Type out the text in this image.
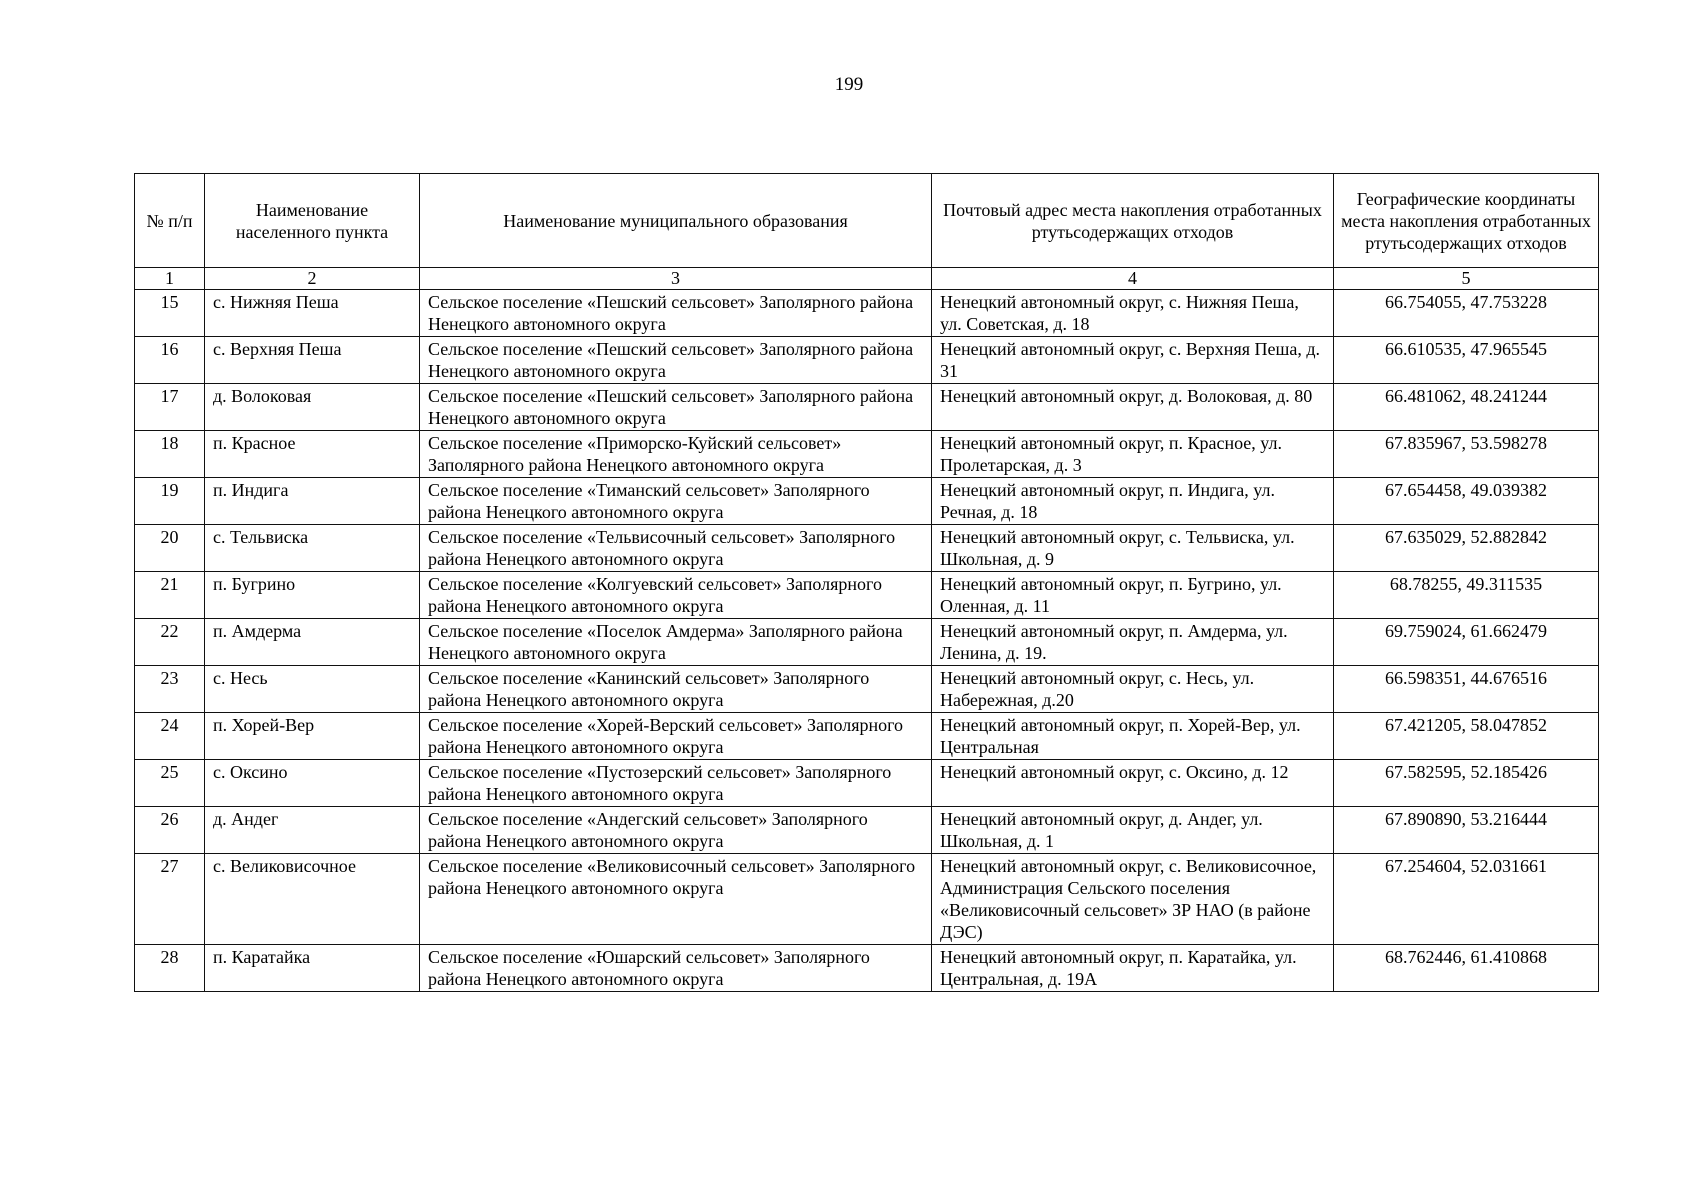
199
№ п/п	Наименование населенного пункта	Наименование муниципального образования	Почтовый адрес места накопления отработанных ртутьсодержащих отходов	Географические координаты места накопления отработанных ртутьсодержащих отходов
1	2	3	4	5
15	с. Нижняя Пеша	Сельское поселение «Пешский сельсовет» Заполярного района Ненецкого автономного округа	Ненецкий автономный округ, с. Нижняя Пеша, ул. Советская, д. 18	66.754055, 47.753228
16	с. Верхняя Пеша	Сельское поселение «Пешский сельсовет» Заполярного района Ненецкого автономного округа	Ненецкий автономный округ, с. Верхняя Пеша, д. 31	66.610535, 47.965545
17	д. Волоковая	Сельское поселение «Пешский сельсовет» Заполярного района Ненецкого автономного округа	Ненецкий автономный округ, д. Волоковая, д. 80	66.481062, 48.241244
18	п. Красное	Сельское поселение «Приморско-Куйский сельсовет» Заполярного района Ненецкого автономного округа	Ненецкий автономный округ, п. Красное, ул. Пролетарская, д. 3	67.835967, 53.598278
19	п. Индига	Сельское поселение «Тиманский сельсовет» Заполярного района Ненецкого автономного округа	Ненецкий автономный округ, п. Индига, ул. Речная, д. 18	67.654458, 49.039382
20	с. Тельвиска	Сельское поселение «Тельвисочный сельсовет» Заполярного района Ненецкого автономного округа	Ненецкий автономный округ, с. Тельвиска, ул. Школьная, д. 9	67.635029, 52.882842
21	п. Бугрино	Сельское поселение «Колгуевский сельсовет» Заполярного района Ненецкого автономного округа	Ненецкий автономный округ, п. Бугрино, ул. Оленная, д. 11	68.78255, 49.311535
22	п. Амдерма	Сельское поселение «Поселок Амдерма» Заполярного района Ненецкого автономного округа	Ненецкий автономный округ, п. Амдерма, ул. Ленина, д. 19.	69.759024, 61.662479
23	с. Несь	Сельское поселение «Канинский сельсовет» Заполярного района Ненецкого автономного округа	Ненецкий автономный округ, с. Несь, ул. Набережная, д.20	66.598351, 44.676516
24	п. Хорей-Вер	Сельское поселение «Хорей-Верский сельсовет» Заполярного района Ненецкого автономного округа	Ненецкий автономный округ, п. Хорей-Вер, ул. Центральная	67.421205, 58.047852
25	с. Оксино	Сельское поселение «Пустозерский сельсовет» Заполярного района Ненецкого автономного округа	Ненецкий автономный округ, с. Оксино, д. 12	67.582595, 52.185426
26	д. Андег	Сельское поселение «Андегский сельсовет» Заполярного района Ненецкого автономного округа	Ненецкий автономный округ, д. Андег, ул. Школьная, д. 1	67.890890, 53.216444
27	с. Великовисочное	Сельское поселение «Великовисочный сельсовет» Заполярного района Ненецкого автономного округа	Ненецкий автономный округ, с. Великовисочное, Администрация Сельского поселения «Великовисочный сельсовет» ЗР НАО (в районе ДЭС)	67.254604, 52.031661
28	п. Каратайка	Сельское поселение «Юшарский сельсовет» Заполярного района Ненецкого автономного округа	Ненецкий автономный округ, п. Каратайка, ул. Центральная, д. 19А	68.762446, 61.410868
